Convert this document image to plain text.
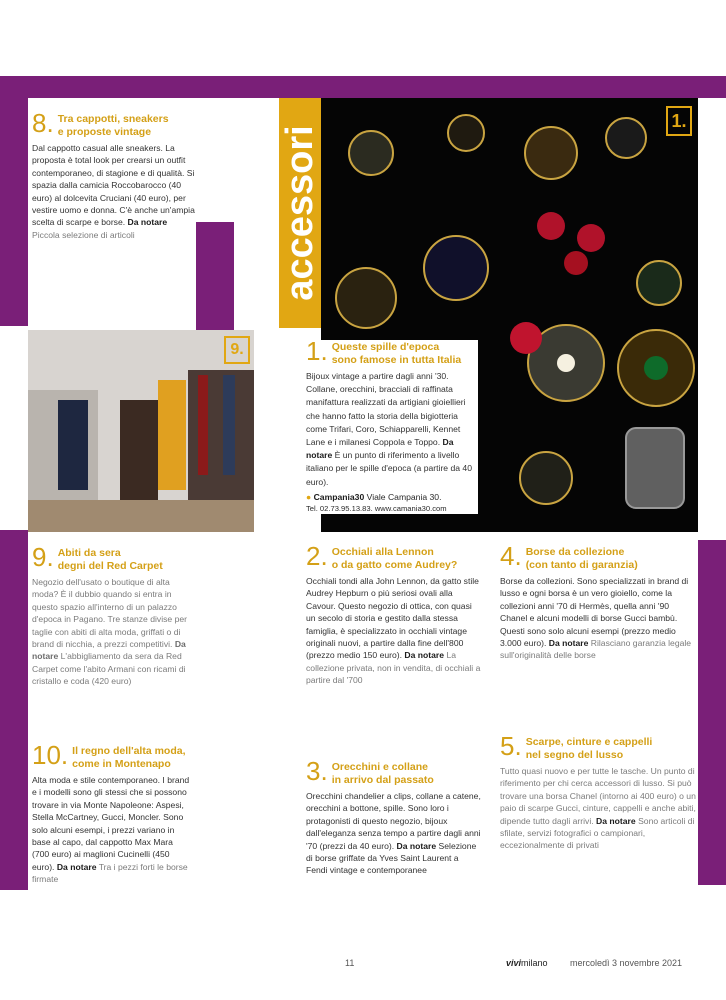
accessori
1.
9.
8. Tra cappotti, sneakers
e proposte vintage
Dal cappotto casual alle sneakers. La proposta è total look per crearsi un outfit contemporaneo, di stagione e di qualità. Si spazia dalla camicia Roccobarocco (40 euro) al dolcevita Cruciani (40 euro), per vestire uomo e donna. C'è anche un'ampia scelta di scarpe e borse. Da notare Piccola selezione di articoli
1. Queste spille d'epoca
sono famose in tutta Italia
Bijoux vintage a partire dagli anni '30. Collane, orecchini, bracciali di raffinata manifattura realizzati da artigiani gioiellieri che hanno fatto la storia della bigiotteria come Trifari, Coro, Schiapparelli, Kennet Lane e i milanesi Coppola e Toppo. Da notare È un punto di riferimento a livello italiano per le spille d'epoca (a partire da 40 euro).
● Campania30 Viale Campania 30.
Tel. 02.73.95.13.83. www.camania30.com
9. Abiti da sera
degni del Red Carpet
Negozio dell'usato o boutique di alta moda? È il dubbio quando si entra in questo spazio all'interno di un palazzo d'epoca in Pagano. Tre stanze divise per taglie con abiti di alta moda, griffati o di brand di nicchia, a prezzi competitivi. Da notare L'abbigliamento da sera da Red Carpet come l'abito Armani con ricami di cristallo e coda (420 euro)
10. Il regno dell'alta moda,
come in Montenapo
Alta moda e stile contemporaneo. I brand e i modelli sono gli stessi che si possono trovare in via Monte Napoleone: Aspesi, Stella McCartney, Gucci, Moncler. Sono solo alcuni esempi, i prezzi variano in base al capo, dal cappotto Max Mara (700 euro) ai maglioni Cucinelli (450 euro). Da notare Tra i pezzi forti le borse firmate
2. Occhiali alla Lennon
o da gatto come Audrey?
Occhiali tondi alla John Lennon, da gatto stile Audrey Hepburn o più seriosi ovali alla Cavour. Questo negozio di ottica, con quasi un secolo di storia e gestito dalla stessa famiglia, è specializzato in occhiali vintage originali nuovi, a partire dalla fine dell'800 (prezzo medio 150 euro). Da notare La collezione privata, non in vendita, di occhiali a partire dal '700
3. Orecchini e collane
in arrivo dal passato
Orecchini chandelier a clips, collane a catene, orecchini a bottone, spille. Sono loro i protagonisti di questo negozio, bijoux dall'eleganza senza tempo a partire dagli anni '70 (prezzi da 40 euro). Da notare Selezione di borse griffate da Yves Saint Laurent a Fendi vintage e contemporanee
4. Borse da collezione
(con tanto di garanzia)
Borse da collezioni. Sono specializzati in brand di lusso e ogni borsa è un vero gioiello, come la collezioni anni '70 di Hermès, quella anni '90 Chanel e alcuni modelli di borse Gucci bambù. Questi sono solo alcuni esempi (prezzo medio 3.000 euro). Da notare Rilasciano garanzia legale sull'originalità delle borse
5. Scarpe, cinture e cappelli
nel segno del lusso
Tutto quasi nuovo e per tutte le tasche. Un punto di riferimento per chi cerca accessori di lusso. Si può trovare una borsa Chanel (intorno ai 400 euro) o un paio di scarpe Gucci, cinture, cappelli e anche abiti, dipende tutto dagli arrivi. Da notare Sono articoli di sfilate, servizi fotografici o campionari, eccezionalmente di privati
11	vivimilano mercoledì 3 novembre 2021
